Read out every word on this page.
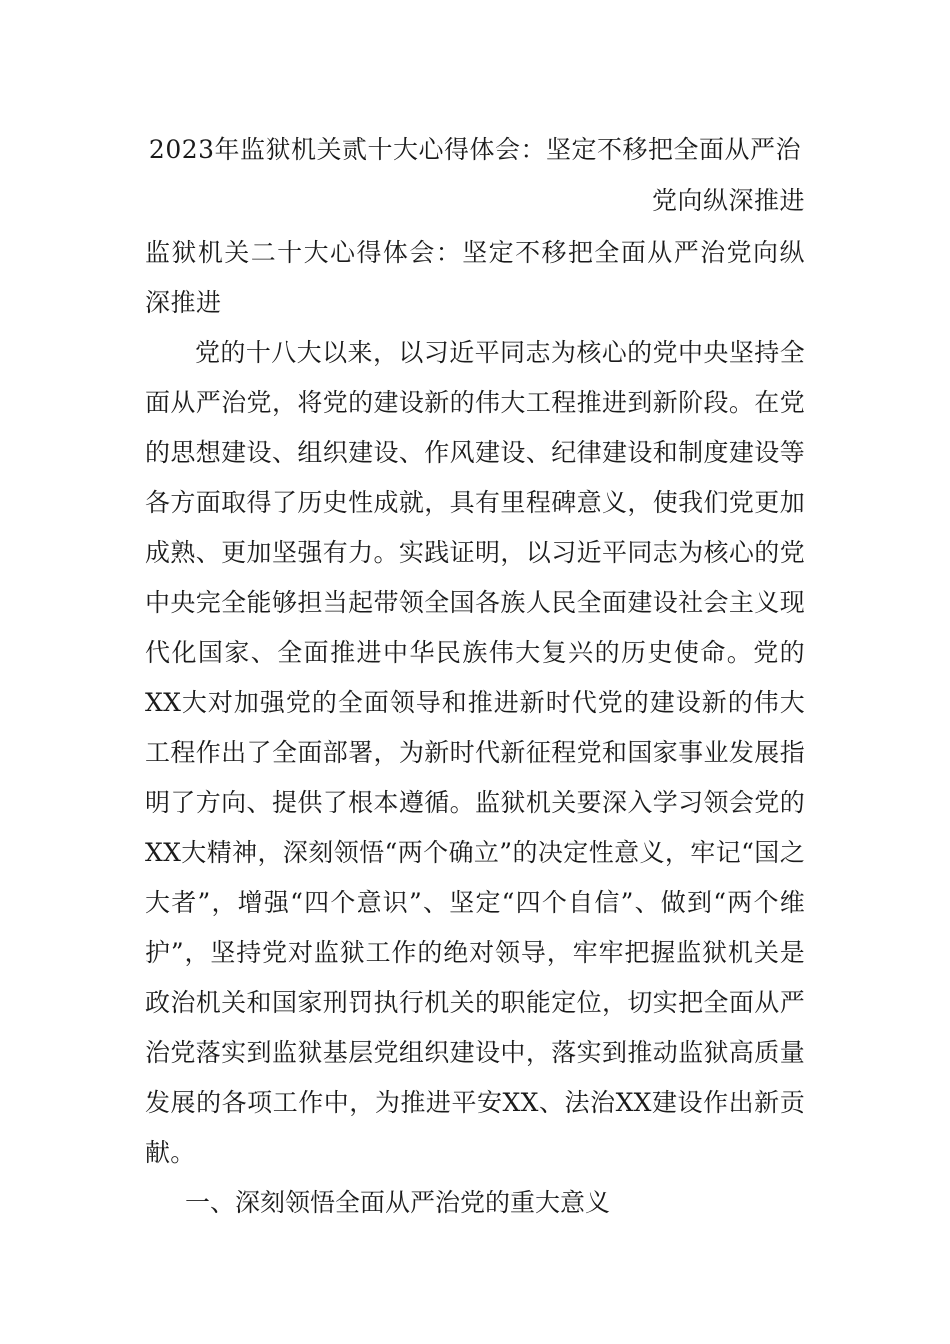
2023年监狱机关贰十大心得体会：坚定不移把全面从严治党向纵深推进

监狱机关二十大心得体会：坚定不移把全面从严治党向纵深推进

党的十八大以来，以习近平同志为核心的党中央坚持全面从严治党，将党的建设新的伟大工程推进到新阶段。在党的思想建设、组织建设、作风建设、纪律建设和制度建设等各方面取得了历史性成就，具有里程碑意义，使我们党更加成熟、更加坚强有力。实践证明，以习近平同志为核心的党中央完全能够担当起带领全国各族人民全面建设社会主义现代化国家、全面推进中华民族伟大复兴的历史使命。党的XX大对加强党的全面领导和推进新时代党的建设新的伟大工程作出了全面部署，为新时代新征程党和国家事业发展指明了方向、提供了根本遵循。监狱机关要深入学习领会党的XX大精神，深刻领悟“两个确立”的决定性意义，牢记“国之大者”，增强“四个意识”、坚定“四个自信”、做到“两个维护”，坚持党对监狱工作的绝对领导，牢牢把握监狱机关是政治机关和国家刑罚执行机关的职能定位，切实把全面从严治党落实到监狱基层党组织建设中，落实到推动监狱高质量发展的各项工作中，为推进平安XX、法治XX建设作出新贡献。

一、深刻领悟全面从严治党的重大意义
